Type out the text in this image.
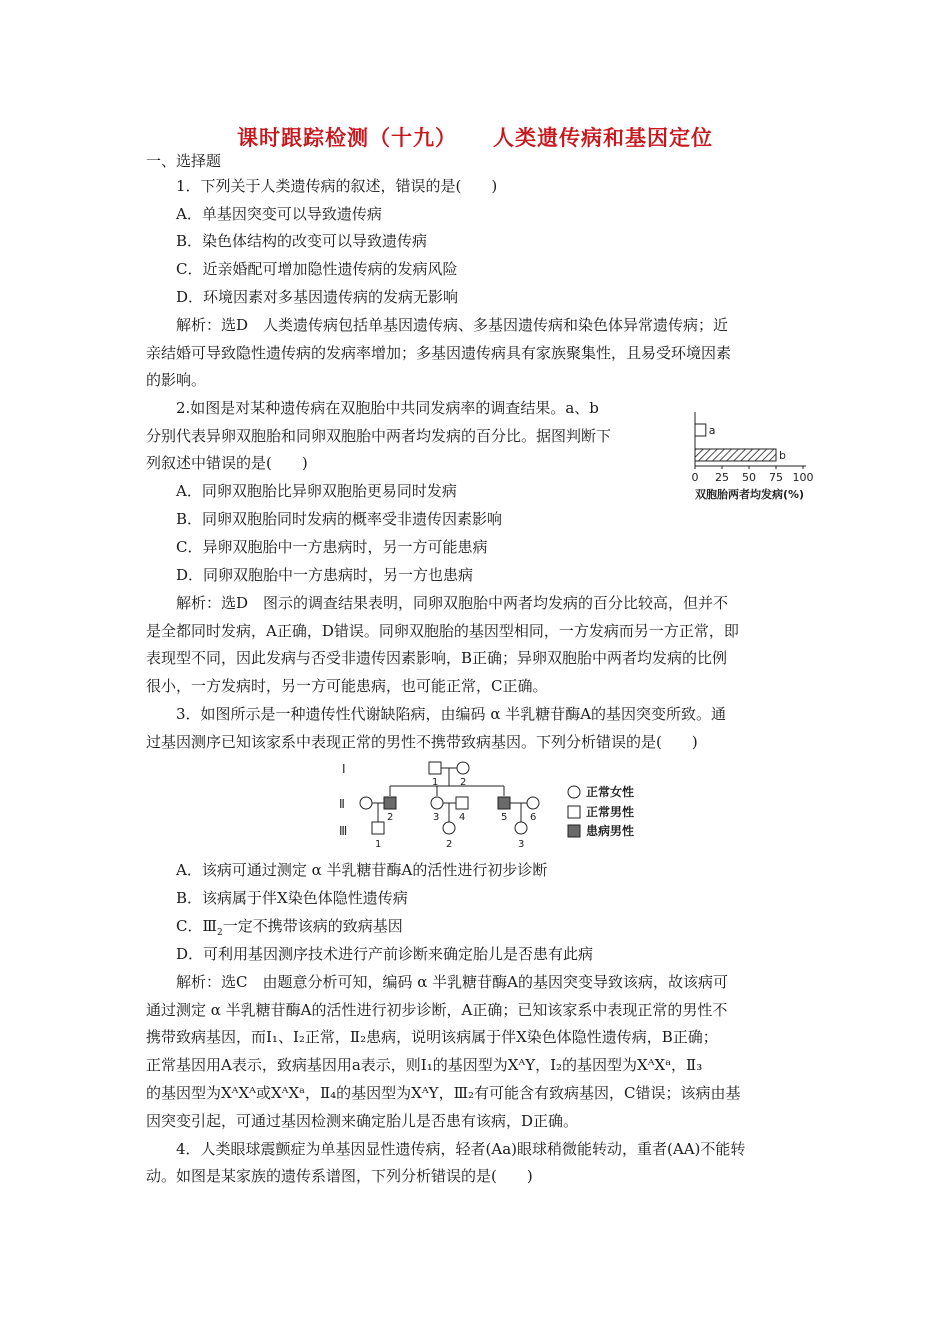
课时跟踪检测（十九） 人类遗传病和基因定位
一、选择题
1．下列关于人类遗传病的叙述，错误的是(　　)
A．单基因突变可以导致遗传病
B．染色体结构的改变可以导致遗传病
C．近亲婚配可增加隐性遗传病的发病风险
D．环境因素对多基因遗传病的发病无影响
解析：选D　人类遗传病包括单基因遗传病、多基因遗传病和染色体异常遗传病；近
亲结婚可导致隐性遗传病的发病率增加；多基因遗传病具有家族聚集性，且易受环境因素
的影响。
2.如图是对某种遗传病在双胞胎中共同发病率的调查结果。a、b
分别代表异卵双胞胎和同卵双胞胎中两者均发病的百分比。据图判断下
列叙述中错误的是(　　)
A．同卵双胞胎比异卵双胞胎更易同时发病
B．同卵双胞胎同时发病的概率受非遗传因素影响
C．异卵双胞胎中一方患病时，另一方可能患病
D．同卵双胞胎中一方患病时，另一方也患病
解析：选D　图示的调查结果表明，同卵双胞胎中两者均发病的百分比较高，但并不
是全都同时发病，A正确，D错误。同卵双胞胎的基因型相同，一方发病而另一方正常，即
表现型不同，因此发病与否受非遗传因素影响，B正确；异卵双胞胎中两者均发病的比例
很小，一方发病时，另一方可能患病，也可能正常，C正确。
a
b
0 25 50 75 100
双胞胎两者均发病(%)
3．如图所示是一种遗传性代谢缺陷病，由编码 α 半乳糖苷酶A的基因突变所致。通
过基因测序已知该家系中表现正常的男性不携带致病基因。下列分析错误的是(　　)
Ⅰ
Ⅱ
Ⅲ
1 2
2	3 4	5 6
1	2	3
正常女性
正常男性
患病男性
A．该病可通过测定 α 半乳糖苷酶A的活性进行初步诊断
B．该病属于伴X染色体隐性遗传病
C．$Ⅲ_2$一定不携带该病的致病基因
D．可利用基因测序技术进行产前诊断来确定胎儿是否患有此病
解析：选C　由题意分析可知，编码 α 半乳糖苷酶A的基因突变导致该病，故该病可
通过测定 α 半乳糖苷酶A的活性进行初步诊断，A正确；已知该家系中表现正常的男性不
携带致病基因，而Ⅰ₁、Ⅰ₂正常，Ⅱ₂患病，说明该病属于伴X染色体隐性遗传病，B正确；
正常基因用A表示，致病基因用a表示，则Ⅰ₁的基因型为XᴬY，Ⅰ₂的基因型为XᴬXᵃ，Ⅱ₃
的基因型为XᴬXᴬ或XᴬXᵃ，Ⅱ₄的基因型为XᴬY，Ⅲ₂有可能含有致病基因，C错误；该病由基
因突变引起，可通过基因检测来确定胎儿是否患有该病，D正确。
4．人类眼球震颤症为单基因显性遗传病，轻者(Aa)眼球稍微能转动，重者(AA)不能转
动。如图是某家族的遗传系谱图，下列分析错误的是(　　)
